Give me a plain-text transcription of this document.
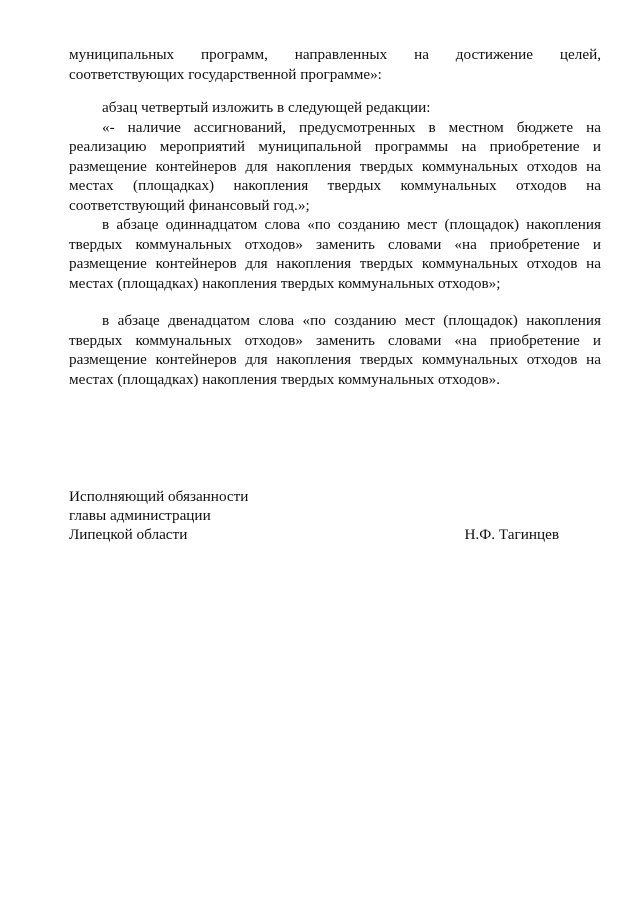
муниципальных программ, направленных на достижение целей,
соответствующих государственной программе»:
абзац четвертый изложить в следующей редакции:
«- наличие ассигнований, предусмотренных в местном бюджете на
реализацию мероприятий муниципальной программы на приобретение и
размещение контейнеров для накопления твердых коммунальных отходов на
местах (площадках) накопления твердых коммунальных отходов на
соответствующий финансовый год.»;
в абзаце одиннадцатом слова «по созданию мест (площадок) накопления
твердых коммунальных отходов» заменить словами «на приобретение и
размещение контейнеров для накопления твердых коммунальных отходов на
местах (площадках) накопления твердых коммунальных отходов»;
в абзаце двенадцатом слова «по созданию мест (площадок) накопления
твердых коммунальных отходов» заменить словами «на приобретение и
размещение контейнеров для накопления твердых коммунальных отходов на
местах (площадках) накопления твердых коммунальных отходов».
Исполняющий обязанности
главы администрации
Липецкой области	Н.Ф. Тагинцев
